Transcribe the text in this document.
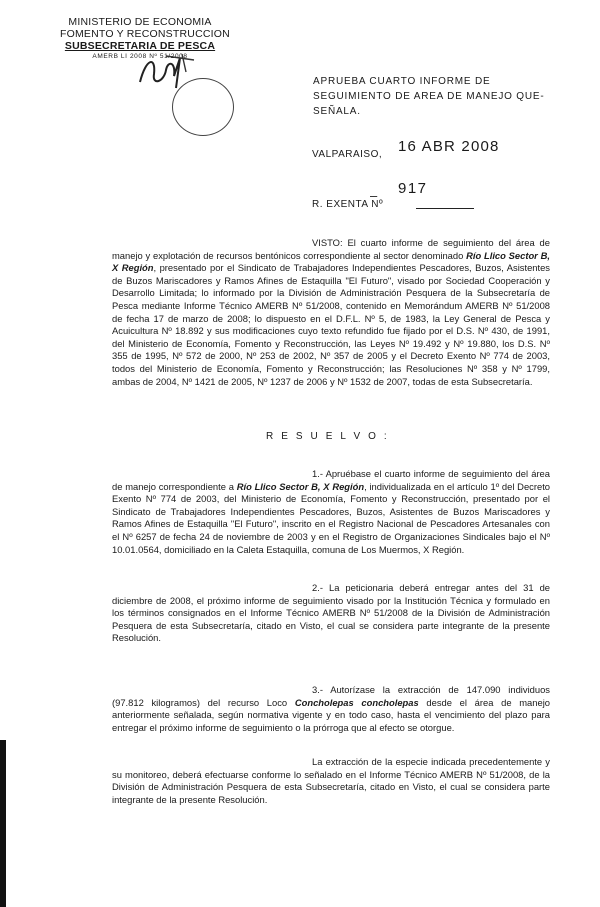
MINISTERIO DE ECONOMIA
FOMENTO Y RECONSTRUCCION
SUBSECRETARIA DE PESCA
AMERB LI 2008 Nº 51/2008
APRUEBA CUARTO INFORME DE
SEGUIMIENTO DE AREA DE MANEJO QUE-
SEÑALA.
VALPARAISO, 16 ABR 2008
– 917
R. EXENTA Nº
VISTO: El cuarto informe de seguimiento del área de manejo y explotación de recursos bentónicos correspondiente al sector denominado Río Llico Sector B, X Región, presentado por el Sindicato de Trabajadores Independientes Pescadores, Buzos, Asistentes de Buzos Mariscadores y Ramos Afines de Estaquilla "El Futuro", visado por Sociedad Cooperación y Desarrollo Limitada; lo informado por la División de Administración Pesquera de la Subsecretaría de Pesca mediante Informe Técnico AMERB Nº 51/2008, contenido en Memorándum AMERB Nº 51/2008 de fecha 17 de marzo de 2008; lo dispuesto en el D.F.L. Nº 5, de 1983, la Ley General de Pesca y Acuicultura Nº 18.892 y sus modificaciones cuyo texto refundido fue fijado por el D.S. Nº 430, de 1991, del Ministerio de Economía, Fomento y Reconstrucción, las Leyes Nº 19.492 y Nº 19.880, los D.S. Nº 355 de 1995, Nº 572 de 2000, Nº 253 de 2002, Nº 357 de 2005 y el Decreto Exento Nº 774 de 2003, todos del Ministerio de Economía, Fomento y Reconstrucción; las Resoluciones Nº 358 y Nº 1799, ambas de 2004, Nº 1421 de 2005, Nº 1237 de 2006 y Nº 1532 de 2007, todas de esta Subsecretaría.
R E S U E L V O :
1.- Apruébase el cuarto informe de seguimiento del área de manejo correspondiente a Río Llico Sector B, X Región, individualizada en el artículo 1º del Decreto Exento Nº 774 de 2003, del Ministerio de Economía, Fomento y Reconstrucción, presentado por el Sindicato de Trabajadores Independientes Pescadores, Buzos, Asistentes de Buzos Mariscadores y Ramos Afines de Estaquilla "El Futuro", inscrito en el Registro Nacional de Pescadores Artesanales con el Nº 6257 de fecha 24 de noviembre de 2003 y en el Registro de Organizaciones Sindicales bajo el Nº 10.01.0564, domiciliado en la Caleta Estaquilla, comuna de Los Muermos, X Región.
2.- La peticionaria deberá entregar antes del 31 de diciembre de 2008, el próximo informe de seguimiento visado por la Institución Técnica y formulado en los términos consignados en el Informe Técnico AMERB Nº 51/2008 de la División de Administración Pesquera de esta Subsecretaría, citado en Visto, el cual se considera parte integrante de la presente Resolución.
3.- Autorízase la extracción de 147.090 individuos (97.812 kilogramos) del recurso Loco Concholepas concholepas desde el área de manejo anteriormente señalada, según normativa vigente y en todo caso, hasta el vencimiento del plazo para entregar el próximo informe de seguimiento o la prórroga que al efecto se otorgue.
La extracción de la especie indicada precedentemente y su monitoreo, deberá efectuarse conforme lo señalado en el Informe Técnico AMERB Nº 51/2008, de la División de Administración Pesquera de esta Subsecretaría, citado en Visto, el cual se considera parte integrante de la presente Resolución.
